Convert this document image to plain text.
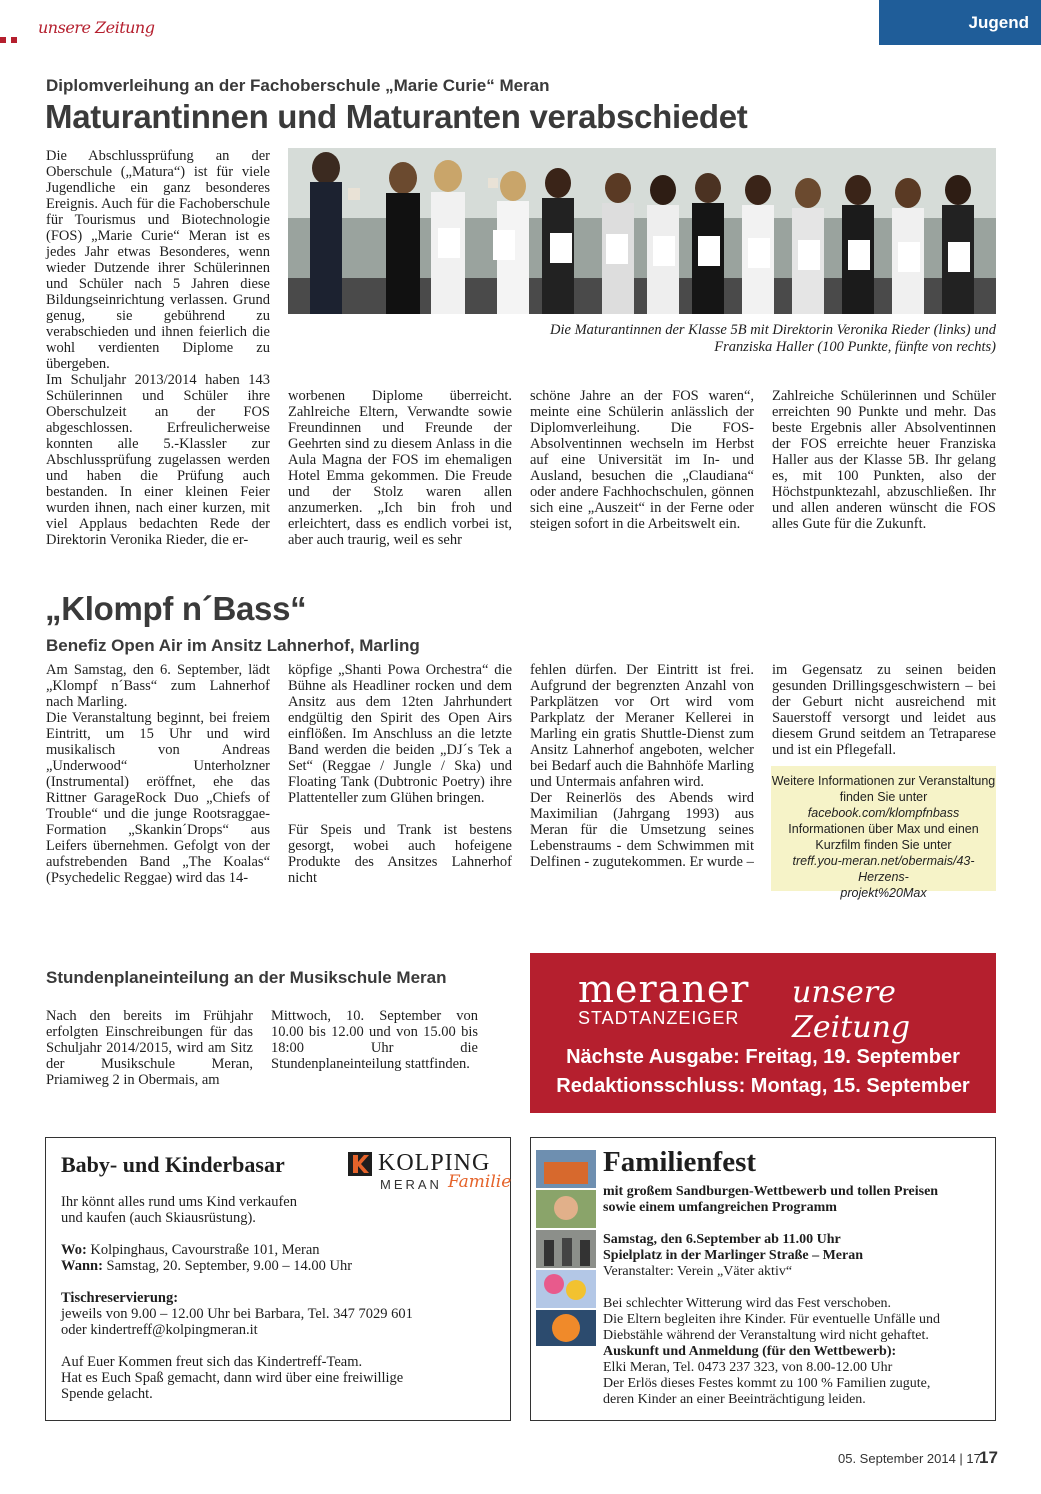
unsere Zeitung	Jugend
Diplomverleihung an der Fachoberschule „Marie Curie“ Meran
Maturantinnen und Maturanten verabschiedet

Die Abschlussprüfung an der Oberschule („Matura“) ist für viele Jugendliche ein ganz besonderes Ereignis. Auch für die Fachoberschule für Tourismus und Biotechnologie (FOS) „Marie Curie“ Meran ist es jedes Jahr etwas Besonderes, wenn wieder Dutzende ihrer Schülerinnen und Schüler nach 5 Jahren diese Bildungseinrichtung verlassen. Grund genug, sie gebührend zu verabschieden und ihnen feierlich die wohl verdienten Diplome zu übergeben.

Im Schuljahr 2013/2014 haben 143 Schülerinnen und Schüler ihre Oberschulzeit an der FOS abgeschlossen. Erfreulicherweise konnten alle 5.-Klassler zur Abschlussprüfung zugelassen werden und haben die Prüfung auch bestanden. In einer kleinen Feier wurden ihnen, nach einer kurzen, mit viel Applaus bedachten Rede der Direktorin Veronika Rieder, die er-

Die Maturantinnen der Klasse 5B mit Direktorin Veronika Rieder (links) und
Franziska Haller (100 Punkte, fünfte von rechts)
worbenen Diplome überreicht. Zahlreiche Eltern, Verwandte sowie Freundinnen und Freunde der Geehrten sind zu diesem Anlass in die Aula Magna der FOS im ehemaligen Hotel Emma gekommen. Die Freude und der Stolz waren allen anzumerken. „Ich bin froh und erleichtert, dass es endlich vorbei ist, aber auch traurig, weil es sehr
schöne Jahre an der FOS waren“, meinte eine Schülerin anlässlich der Diplomverleihung. Die FOS-Absolventinnen wechseln im Herbst auf eine Universität im In- und Ausland, besuchen die „Claudiana“ oder andere Fachhochschulen, gönnen sich eine „Auszeit“ in der Ferne oder steigen sofort in die Arbeitswelt ein.
Zahlreiche Schülerinnen und Schüler erreichten 90 Punkte und mehr. Das beste Ergebnis aller Absolventinnen der FOS erreichte heuer Franziska Haller aus der Klasse 5B. Ihr gelang es, mit 100 Punkten, also der Höchstpunktezahl, abzuschließen. Ihr und allen anderen wünscht die FOS alles Gute für die Zukunft.
„Klompf n´Bass“
Benefiz Open Air im Ansitz Lahnerhof, Marling

Am Samstag, den 6. September, lädt „Klompf n´Bass“ zum Lahnerhof nach Marling.

Die Veranstaltung beginnt, bei freiem Eintritt, um 15 Uhr und wird musikalisch von Andreas „Underwood“ Unterholzner (Instrumental) eröffnet, ehe das Rittner GarageRock Duo „Chiefs of Trouble“ und die junge Rootsraggae-Formation „Skankin´Drops“ aus Leifers übernehmen. Gefolgt von der aufstrebenden Band „The Koalas“ (Psychedelic Reggae) wird das 14-

köpfige „Shanti Powa Orchestra“ die Bühne als Headliner rocken und dem Ansitz aus dem 12ten Jahrhundert endgültig den Spirit des Open Airs einflößen. Im Anschluss an die letzte Band werden die beiden „DJ´s Tek a Set“ (Reggae / Jungle / Ska) und Floating Tank (Dubtronic Poetry) ihre Plattenteller zum Glühen bringen.

Für Speis und Trank ist bestens gesorgt, wobei auch hofeigene Produkte des Ansitzes Lahnerhof nicht

fehlen dürfen. Der Eintritt ist frei. Aufgrund der begrenzten Anzahl von Parkplätzen vor Ort wird vom Parkplatz der Meraner Kellerei in Marling ein gratis Shuttle-Dienst zum Ansitz Lahnerhof angeboten, welcher bei Bedarf auch die Bahnhöfe Marling und Untermais anfahren wird.

Der Reinerlös des Abends wird Maximilian (Jahrgang 1993) aus Meran für die Umsetzung seines Lebenstraums - dem Schwimmen mit Delfinen - zugutekommen. Er wurde –

im Gegensatz zu seinen beiden gesunden Drillingsgeschwistern – bei der Geburt nicht ausreichend mit Sauerstoff versorgt und leidet aus diesem Grund seitdem an Tetraparese und ist ein Pflegefall.
Weitere Informationen zur Veranstaltung
finden Sie unter
facebook.com/klompfnbass
Informationen über Max und einen
Kurzfilm finden Sie unter
treff.you-meran.net/obermais/43-Herzens-
projekt%20Max
Stundenplaneinteilung an der Musikschule Meran
Nach den bereits im Frühjahr erfolgten Einschreibungen für das Schuljahr 2014/2015, wird am Sitz der Musikschule Meran, Priamiweg 2 in Obermais, am
Mittwoch, 10. September von 10.00 bis 12.00 und von 15.00 bis 18:00 Uhr die Stundenplaneinteilung stattfinden.
meraner
STADTANZEIGER
unsere Zeitung
Nächste Ausgabe: Freitag, 19. September
Redaktionsschluss: Montag, 15. September
Baby- und Kinderbasar	KOLPING
MERAN Familie
Ihr könnt alles rund ums Kind verkaufen
und kaufen (auch Skiausrüstung).
Wo: Kolpinghaus, Cavourstraße 101, Meran
Wann: Samstag, 20. September, 9.00 – 14.00 Uhr
Tischreservierung:
jeweils von 9.00 – 12.00 Uhr bei Barbara, Tel. 347 7029 601
oder kindertreff@kolpingmeran.it
Auf Euer Kommen freut sich das Kindertreff-Team.
Hat es Euch Spaß gemacht, dann wird über eine freiwillige
Spende gelacht.
Familienfest
mit großem Sandburgen-Wettbewerb und tollen Preisen
sowie einem umfangreichen Programm
Samstag, den 6.September ab 11.00 Uhr
Spielplatz in der Marlinger Straße – Meran
Veranstalter: Verein „Väter aktiv“
Bei schlechter Witterung wird das Fest verschoben.
Die Eltern begleiten ihre Kinder. Für eventuelle Unfälle und
Diebstähle während der Veranstaltung wird nicht gehaftet.
Auskunft und Anmeldung (für den Wettbewerb):
Elki Meran, Tel. 0473 237 323, von 8.00-12.00 Uhr
Der Erlös dieses Festes kommt zu 100 % Familien zugute,
deren Kinder an einer Beeinträchtigung leiden.
05. September 2014 | 17
17
